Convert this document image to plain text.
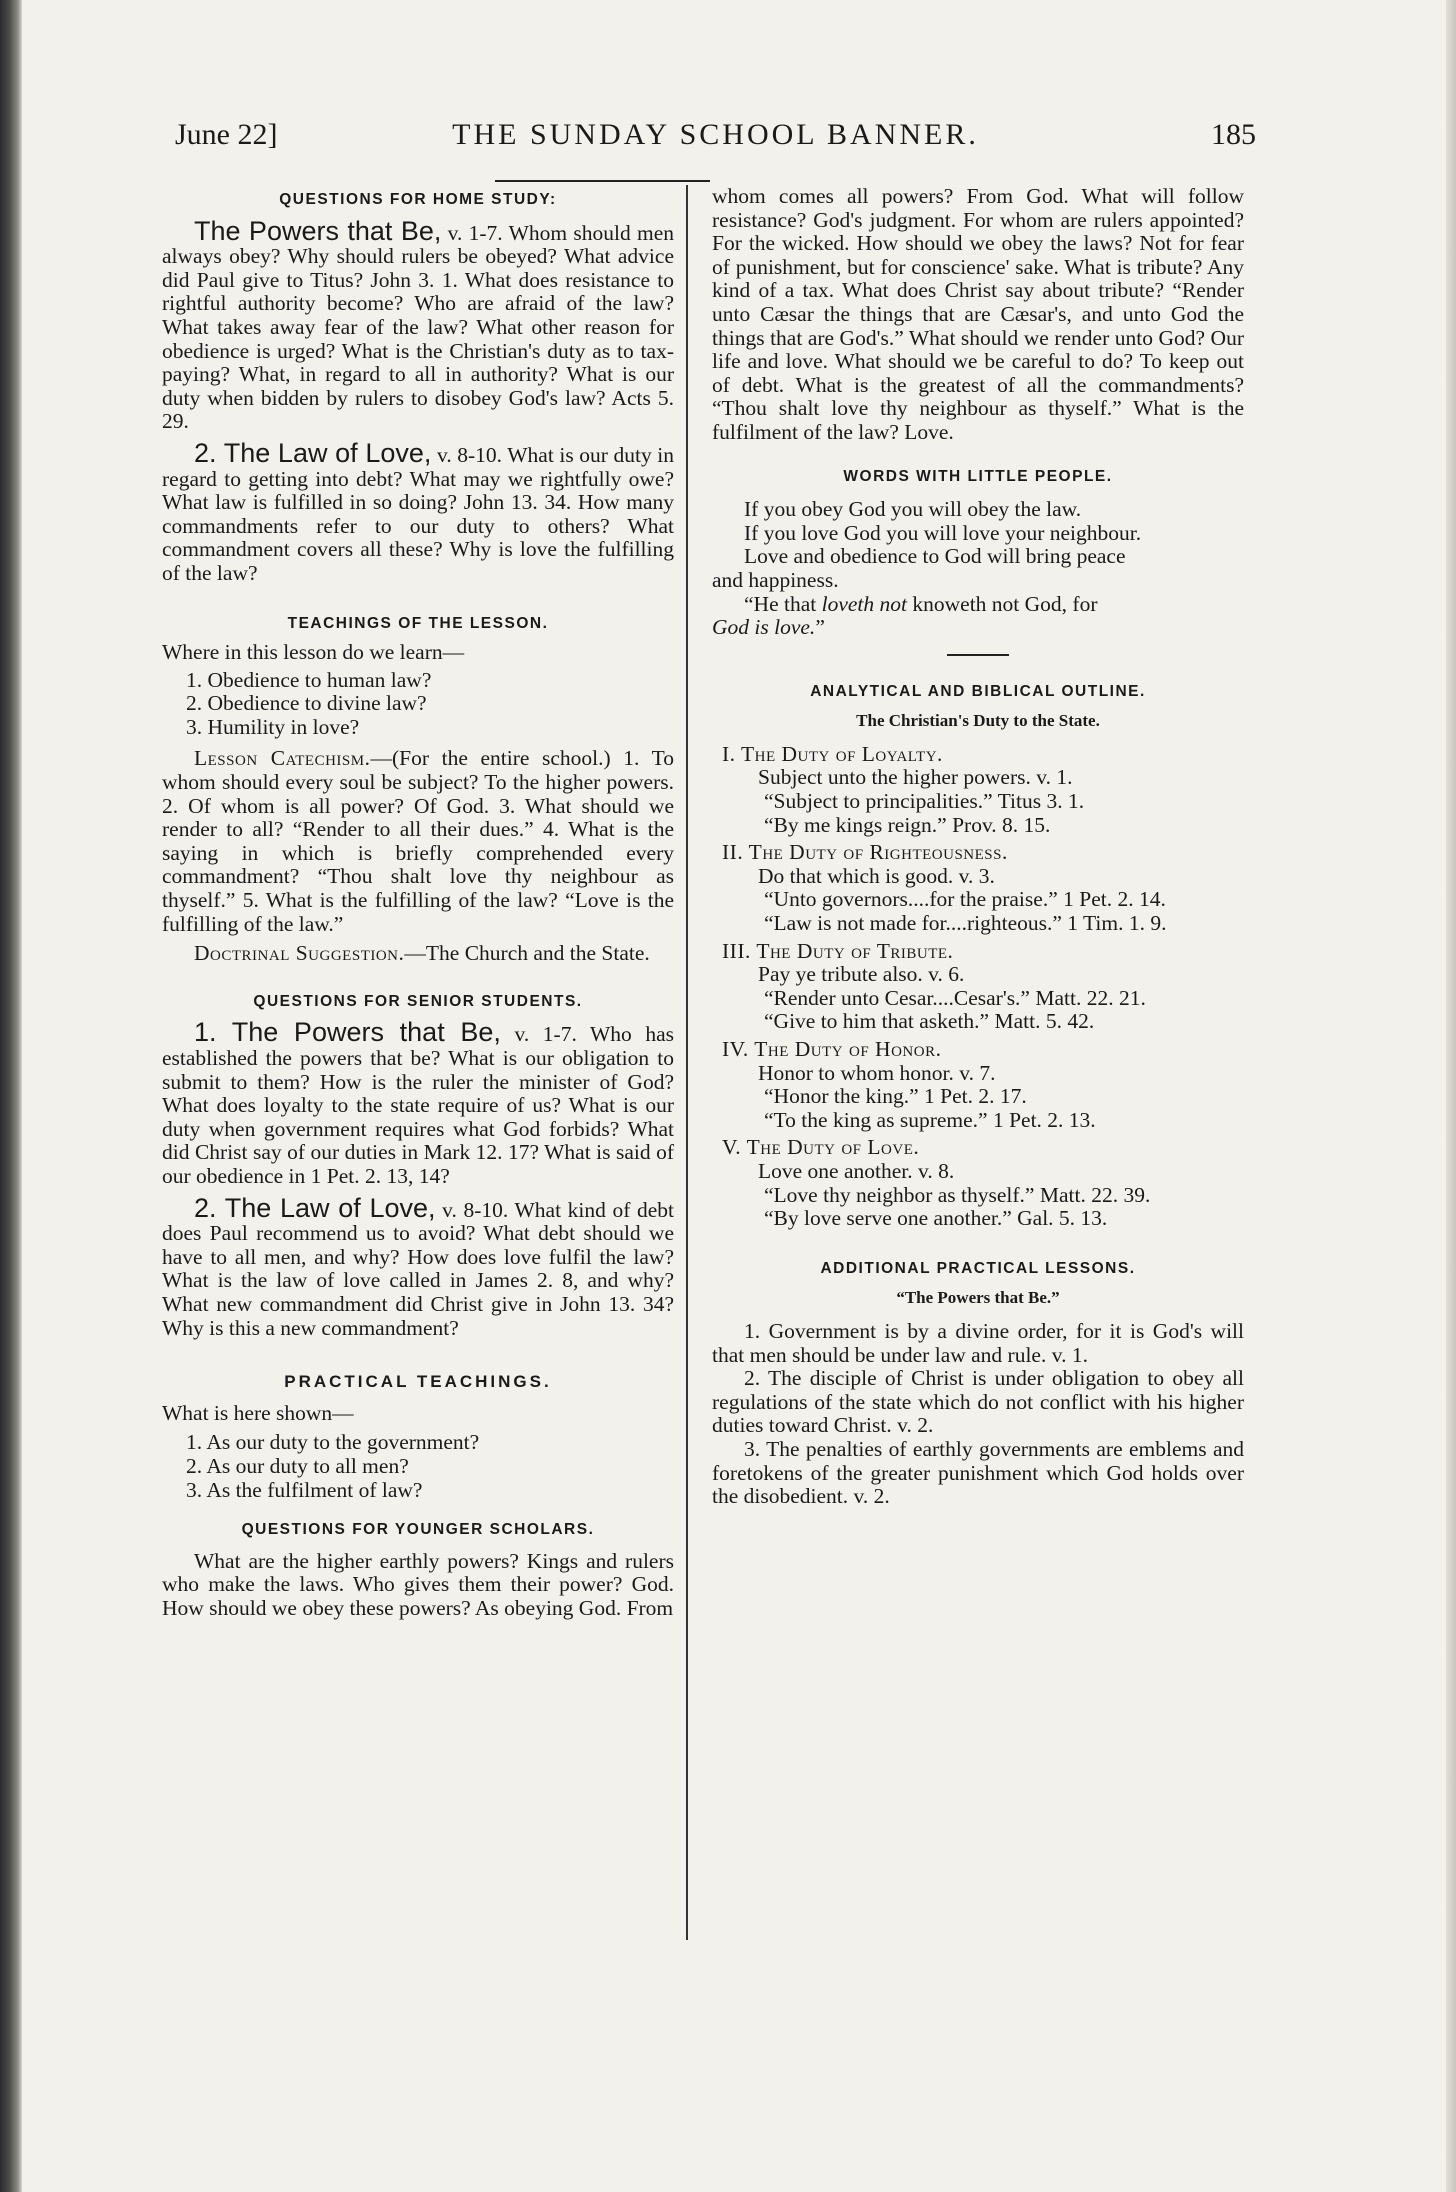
June 22]	THE SUNDAY SCHOOL BANNER.	185

QUESTIONS FOR HOME STUDY:

The Powers that Be, v. 1-7. Whom should men always obey? Why should rulers be obeyed? What advice did Paul give to Titus? John 3. 1. What does resistance to rightful authority become? Who are afraid of the law? What takes away fear of the law? What other reason for obedience is urged? What is the Christian's duty as to tax-paying? What, in regard to all in authority? What is our duty when bidden by rulers to disobey God's law? Acts 5. 29.

2. The Law of Love, v. 8-10. What is our duty in regard to getting into debt? What may we rightfully owe? What law is fulfilled in so doing? John 13. 34. How many commandments refer to our duty to others? What commandment covers all these? Why is love the fulfilling of the law?

TEACHINGS OF THE LESSON.

Where in this lesson do we learn—

1. Obedience to human law?

2. Obedience to divine law?

3. Humility in love?

Lesson Catechism.—(For the entire school.) 1. To whom should every soul be subject? To the higher powers. 2. Of whom is all power? Of God. 3. What should we render to all? “Render to all their dues.” 4. What is the saying in which is briefly comprehended every commandment? “Thou shalt love thy neighbour as thyself.” 5. What is the fulfilling of the law? “Love is the fulfilling of the law.”

Doctrinal Suggestion.—The Church and the State.

QUESTIONS FOR SENIOR STUDENTS.

1. The Powers that Be, v. 1-7. Who has established the powers that be? What is our obligation to submit to them? How is the ruler the minister of God? What does loyalty to the state require of us? What is our duty when government requires what God forbids? What did Christ say of our duties in Mark 12. 17? What is said of our obedience in 1 Pet. 2. 13, 14?

2. The Law of Love, v. 8-10. What kind of debt does Paul recommend us to avoid? What debt should we have to all men, and why? How does love fulfil the law? What is the law of love called in James 2. 8, and why? What new commandment did Christ give in John 13. 34? Why is this a new commandment?

PRACTICAL TEACHINGS.

What is here shown—

1. As our duty to the government?

2. As our duty to all men?

3. As the fulfilment of law?

QUESTIONS FOR YOUNGER SCHOLARS.

What are the higher earthly powers? Kings and rulers who make the laws. Who gives them their power? God. How should we obey these powers? As obeying God. From

whom comes all powers? From God. What will follow resistance? God's judgment. For whom are rulers appointed? For the wicked. How should we obey the laws? Not for fear of punishment, but for conscience' sake. What is tribute? Any kind of a tax. What does Christ say about tribute? “Render unto Cæsar the things that are Cæsar's, and unto God the things that are God's.” What should we render unto God? Our life and love. What should we be careful to do? To keep out of debt. What is the greatest of all the commandments? “Thou shalt love thy neighbour as thyself.” What is the fulfilment of the law? Love.

WORDS WITH LITTLE PEOPLE.

If you obey God you will obey the law.

If you love God you will love your neighbour.

Love and obedience to God will bring peace
and happiness.

“He that loveth not knoweth not God, for
God is love.”

ANALYTICAL AND BIBLICAL OUTLINE.

The Christian's Duty to the State.

I. The Duty of Loyalty.

Subject unto the higher powers. v. 1.

“Subject to principalities.” Titus 3. 1.

“By me kings reign.” Prov. 8. 15.

II. The Duty of Righteousness.

Do that which is good. v. 3.

“Unto governors....for the praise.” 1 Pet. 2. 14.

“Law is not made for....righteous.” 1 Tim. 1. 9.

III. The Duty of Tribute.

Pay ye tribute also. v. 6.

“Render unto Cesar....Cesar's.” Matt. 22. 21.

“Give to him that asketh.” Matt. 5. 42.

IV. The Duty of Honor.

Honor to whom honor. v. 7.

“Honor the king.” 1 Pet. 2. 17.

“To the king as supreme.” 1 Pet. 2. 13.

V. The Duty of Love.

Love one another. v. 8.

“Love thy neighbor as thyself.” Matt. 22. 39.

“By love serve one another.” Gal. 5. 13.

ADDITIONAL PRACTICAL LESSONS.

“The Powers that Be.”

1. Government is by a divine order, for it is God's will that men should be under law and rule. v. 1.

2. The disciple of Christ is under obligation to obey all regulations of the state which do not conflict with his higher duties toward Christ. v. 2.

3. The penalties of earthly governments are emblems and foretokens of the greater punishment which God holds over the disobedient. v. 2.
